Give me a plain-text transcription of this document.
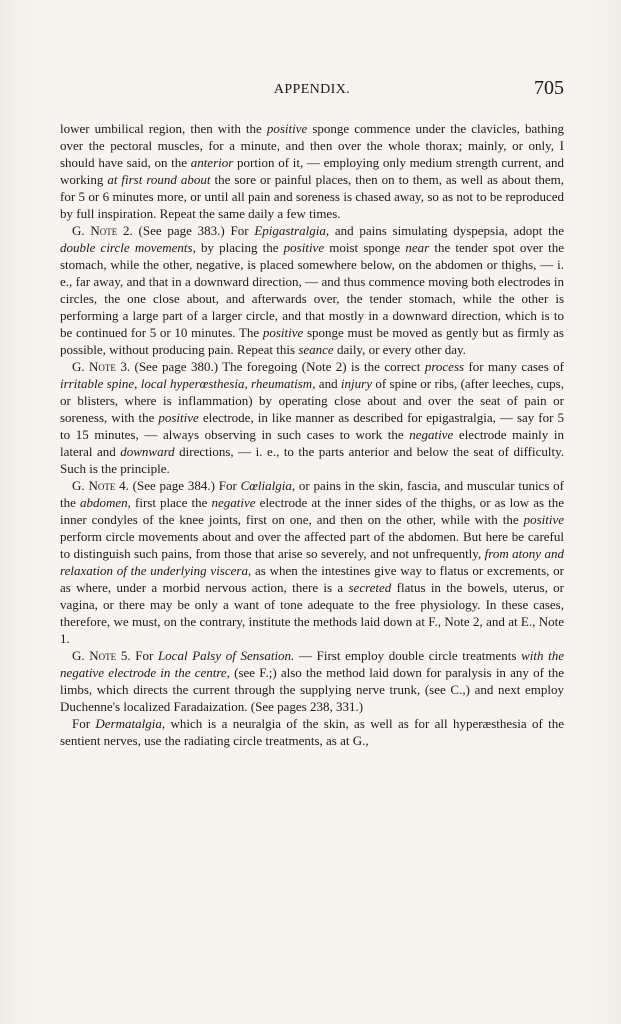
APPENDIX.	705

lower umbilical region, then with the positive sponge commence under the clavicles, bathing over the pectoral muscles, for a minute, and then over the whole thorax; mainly, or only, I should have said, on the anterior portion of it, — employing only medium strength current, and working at first round about the sore or painful places, then on to them, as well as about them, for 5 or 6 minutes more, or until all pain and soreness is chased away, so as not to be reproduced by full inspiration. Repeat the same daily a few times.

G. Note 2. (See page 383.) For Epigastralgia, and pains simulating dyspepsia, adopt the double circle movements, by placing the positive moist sponge near the tender spot over the stomach, while the other, negative, is placed somewhere below, on the abdomen or thighs, — i. e., far away, and that in a downward direction, — and thus commence moving both electrodes in circles, the one close about, and afterwards over, the tender stomach, while the other is performing a large part of a larger circle, and that mostly in a downward direction, which is to be continued for 5 or 10 minutes. The positive sponge must be moved as gently but as firmly as possible, without producing pain. Repeat this seance daily, or every other day.

G. Note 3. (See page 380.) The foregoing (Note 2) is the correct process for many cases of irritable spine, local hyperœsthesia, rheumatism, and injury of spine or ribs, (after leeches, cups, or blisters, where is inflammation) by operating close about and over the seat of pain or soreness, with the positive electrode, in like manner as described for epigastralgia, — say for 5 to 15 minutes, — always observing in such cases to work the negative electrode mainly in lateral and downward directions, — i. e., to the parts anterior and below the seat of difficulty. Such is the principle.

G. Note 4. (See page 384.) For Cœlialgia, or pains in the skin, fascia, and muscular tunics of the abdomen, first place the negative electrode at the inner sides of the thighs, or as low as the inner condyles of the knee joints, first on one, and then on the other, while with the positive perform circle movements about and over the affected part of the abdomen. But here be careful to distinguish such pains, from those that arise so severely, and not unfrequently, from atony and relaxation of the underlying viscera, as when the intestines give way to flatus or excrements, or as where, under a morbid nervous action, there is a secreted flatus in the bowels, uterus, or vagina, or there may be only a want of tone adequate to the free physiology. In these cases, therefore, we must, on the contrary, institute the methods laid down at F., Note 2, and at E., Note 1.

G. Note 5. For Local Palsy of Sensation. — First employ double circle treatments with the negative electrode in the centre, (see F.;) also the method laid down for paralysis in any of the limbs, which directs the current through the supplying nerve trunk, (see C.,) and next employ Duchenne's localized Faradaization. (See pages 238, 331.)

For Dermatalgia, which is a neuralgia of the skin, as well as for all hyperæsthesia of the sentient nerves, use the radiating circle treatments, as at G.,
